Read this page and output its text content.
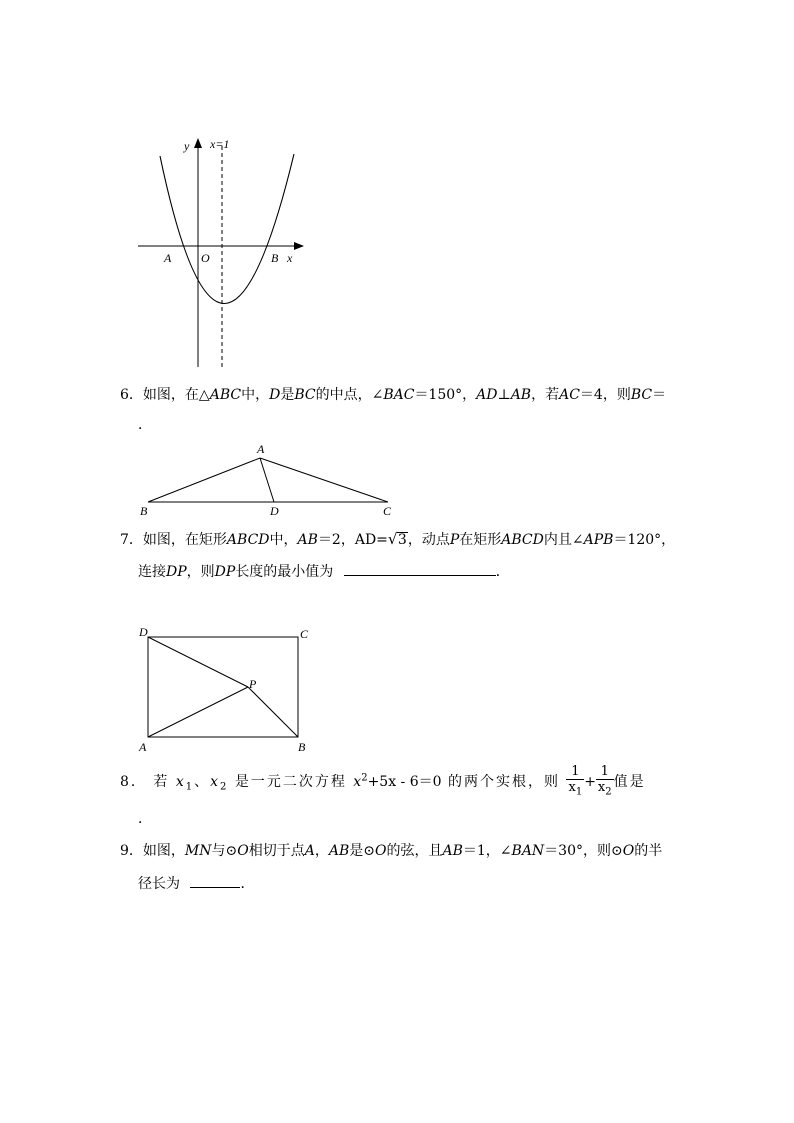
x=1
y
x
A O	B
6．如图，在△ABC中，D是BC的中点，∠BAC＝150°，AD⊥AB，若AC＝4，则BC＝
．
A
B	D	C
7．如图，在矩形ABCD中，AB＝2，AD=√ 3，动点P在矩形ABCD内且∠APB＝120°，
连接DP，则DP长度的最小值为	．
D	C
P
A	B
8． 若 $x_1$、$x_2$ 是一元二次方程 $x^2+5x - 6=0$ 的两个实根，则 $\frac{1}{x_1} + \frac{1}{x_2}$ 值是
．
9．如图，MN与⊙O相切于点A，AB是⊙O的弦，且AB＝1，∠BAN＝30°，则⊙O的半
径长为	．
